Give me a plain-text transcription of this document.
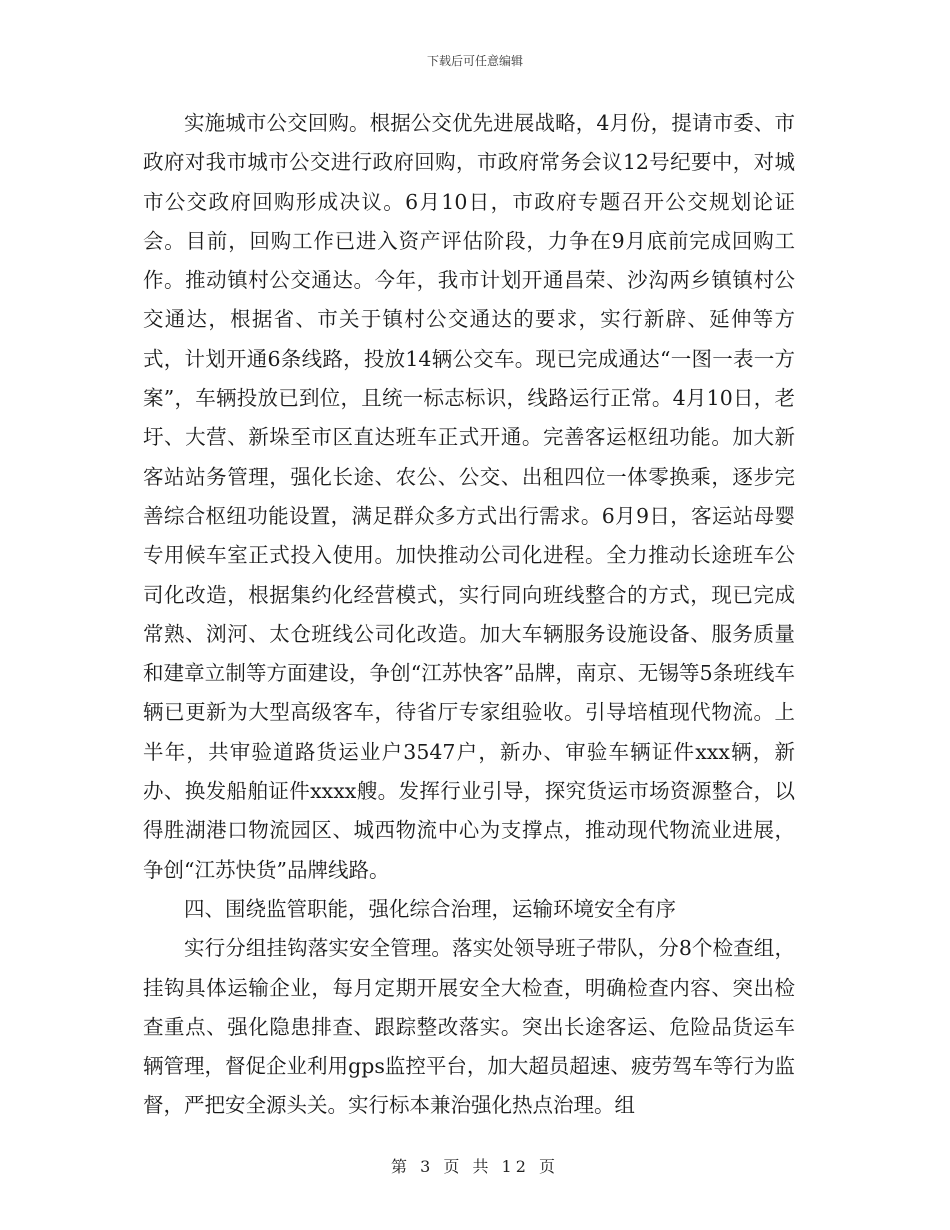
下载后可任意编辑

实施城市公交回购。根据公交优先进展战略，4月份，提请市委、市政府对我市城市公交进行政府回购，市政府常务会议12号纪要中，对城市公交政府回购形成决议。6月10日，市政府专题召开公交规划论证会。目前，回购工作已进入资产评估阶段，力争在9月底前完成回购工作。推动镇村公交通达。今年，我市计划开通昌荣、沙沟两乡镇镇村公交通达，根据省、市关于镇村公交通达的要求，实行新辟、延伸等方式，计划开通6条线路，投放14辆公交车。现已完成通达“一图一表一方案”，车辆投放已到位，且统一标志标识，线路运行正常。4月10日，老圩、大营、新垛至市区直达班车正式开通。完善客运枢纽功能。加大新客站站务管理，强化长途、农公、公交、出租四位一体零换乘，逐步完善综合枢纽功能设置，满足群众多方式出行需求。6月9日，客运站母婴专用候车室正式投入使用。加快推动公司化进程。全力推动长途班车公司化改造，根据集约化经营模式，实行同向班线整合的方式，现已完成常熟、浏河、太仓班线公司化改造。加大车辆服务设施设备、服务质量和建章立制等方面建设，争创“江苏快客”品牌，南京、无锡等5条班线车辆已更新为大型高级客车，待省厅专家组验收。引导培植现代物流。上半年，共审验道路货运业户3547户，新办、审验车辆证件xxx辆，新办、换发船舶证件xxxx艘。发挥行业引导，探究货运市场资源整合，以得胜湖港口物流园区、城西物流中心为支撑点，推动现代物流业进展，争创“江苏快货”品牌线路。

四、围绕监管职能，强化综合治理，运输环境安全有序

实行分组挂钩落实安全管理。落实处领导班子带队，分8个检查组，挂钩具体运输企业，每月定期开展安全大检查，明确检查内容、突出检查重点、强化隐患排查、跟踪整改落实。突出长途客运、危险品货运车辆管理，督促企业利用gps监控平台，加大超员超速、疲劳驾车等行为监督，严把安全源头关。实行标本兼治强化热点治理。组

第 3 页 共 12 页
